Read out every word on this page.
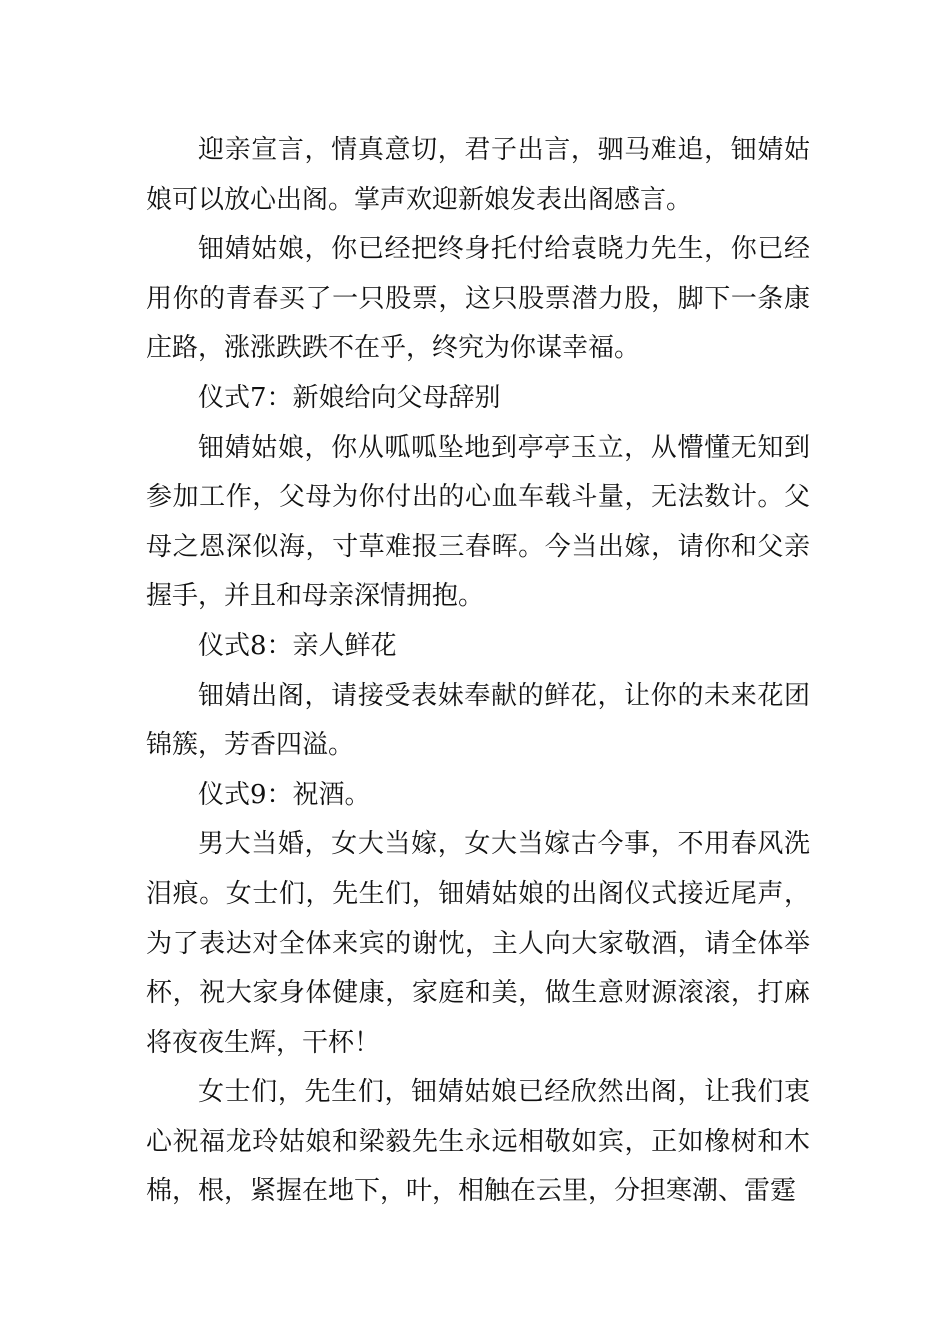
迎亲宣言，情真意切，君子出言，驷马难追，钿婧姑娘可以放心出阁。掌声欢迎新娘发表出阁感言。

钿婧姑娘，你已经把终身托付给袁晓力先生，你已经用你的青春买了一只股票，这只股票潜力股，脚下一条康庄路，涨涨跌跌不在乎，终究为你谋幸福。

仪式7：新娘给向父母辞别

钿婧姑娘，你从呱呱坠地到亭亭玉立，从懵懂无知到参加工作，父母为你付出的心血车载斗量，无法数计。父母之恩深似海，寸草难报三春晖。今当出嫁，请你和父亲握手，并且和母亲深情拥抱。

仪式8：亲人鲜花

钿婧出阁，请接受表妹奉献的鲜花，让你的未来花团锦簇，芳香四溢。

仪式9：祝酒。

男大当婚，女大当嫁，女大当嫁古今事，不用春风洗泪痕。女士们，先生们，钿婧姑娘的出阁仪式接近尾声，为了表达对全体来宾的谢忱，主人向大家敬酒，请全体举杯，祝大家身体健康，家庭和美，做生意财源滚滚，打麻将夜夜生辉，干杯！

女士们，先生们，钿婧姑娘已经欣然出阁，让我们衷心祝福龙玲姑娘和梁毅先生永远相敬如宾，正如橡树和木棉，根，紧握在地下，叶，相触在云里，分担寒潮、雷霆
